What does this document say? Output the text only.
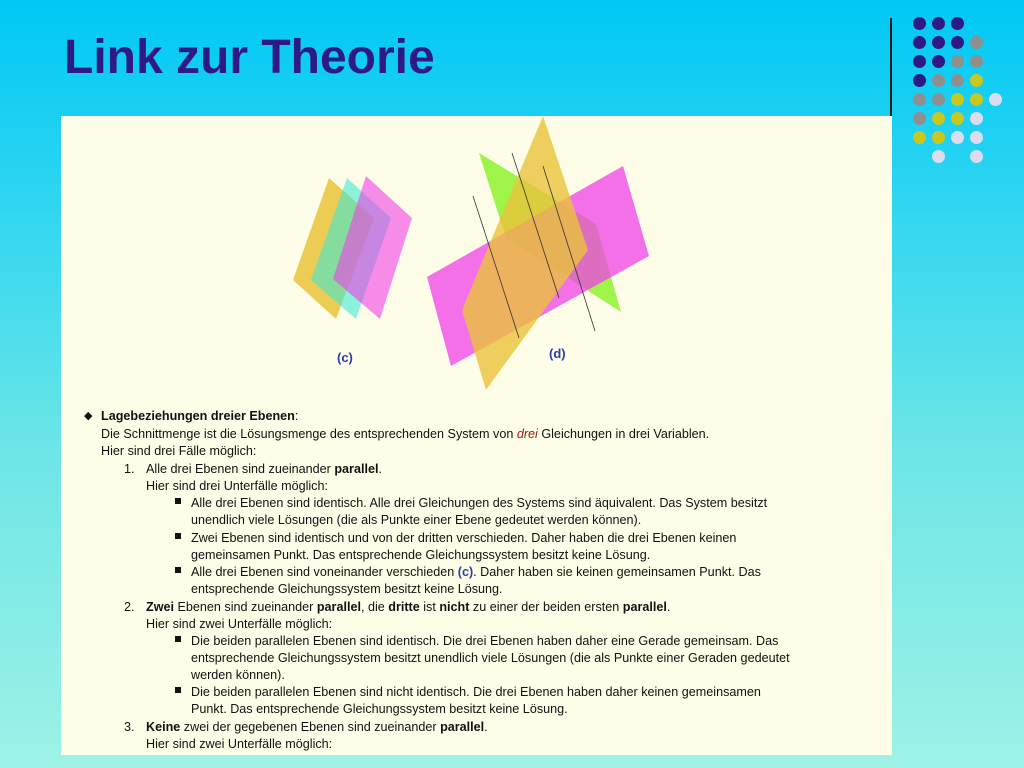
Link zur Theorie
(c)	(d)
◆ Lagebeziehungen dreier Ebenen:
Die Schnittmenge ist die Lösungsmenge des entsprechenden System von drei Gleichungen in drei Variablen.
Hier sind drei Fälle möglich:
1. Alle drei Ebenen sind zueinander parallel.
Hier sind drei Unterfälle möglich:
Alle drei Ebenen sind identisch. Alle drei Gleichungen des Systems sind äquivalent. Das System besitzt
unendlich viele Lösungen (die als Punkte einer Ebene gedeutet werden können).
Zwei Ebenen sind identisch und von der dritten verschieden. Daher haben die drei Ebenen keinen
gemeinsamen Punkt. Das entsprechende Gleichungssystem besitzt keine Lösung.
Alle drei Ebenen sind voneinander verschieden (c). Daher haben sie keinen gemeinsamen Punkt. Das
entsprechende Gleichungssystem besitzt keine Lösung.
2. Zwei Ebenen sind zueinander parallel, die dritte ist nicht zu einer der beiden ersten parallel.
Hier sind zwei Unterfälle möglich:
Die beiden parallelen Ebenen sind identisch. Die drei Ebenen haben daher eine Gerade gemeinsam. Das
entsprechende Gleichungssystem besitzt unendlich viele Lösungen (die als Punkte einer Geraden gedeutet
werden können).
Die beiden parallelen Ebenen sind nicht identisch. Die drei Ebenen haben daher keinen gemeinsamen
Punkt. Das entsprechende Gleichungssystem besitzt keine Lösung.
3. Keine zwei der gegebenen Ebenen sind zueinander parallel.
Hier sind zwei Unterfälle möglich:
